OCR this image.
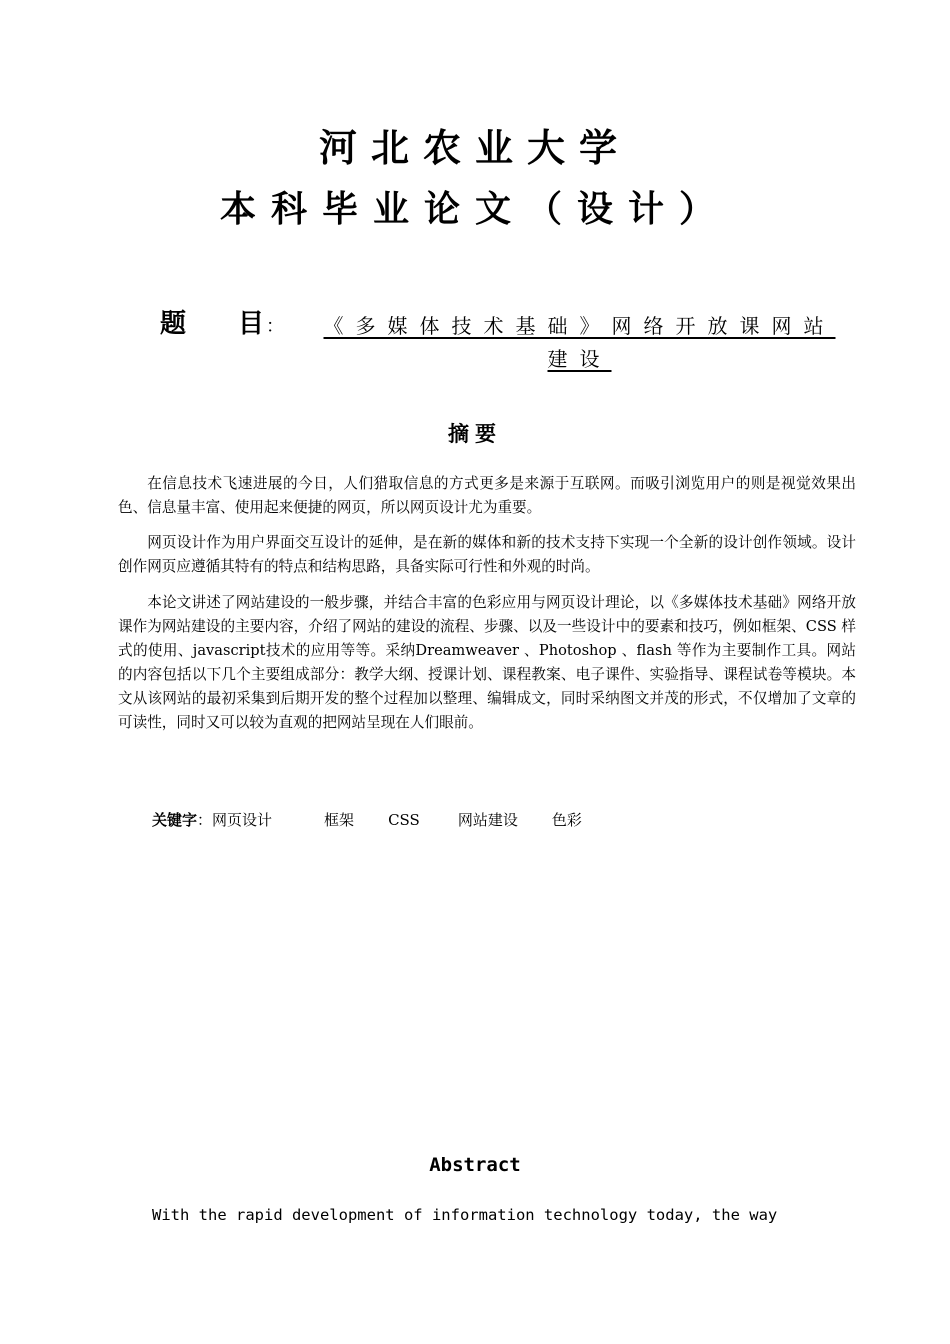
河北农业大学
本科毕业论文（设计）
题 目 ：	《多媒体技术基础》网络开放课网站
建设
摘要

在信息技术飞速进展的今日，人们猎取信息的方式更多是来源于互联网。而吸引浏览用户的则是视觉效果出色、信息量丰富、使用起来便捷的网页，所以网页设计尤为重要。

网页设计作为用户界面交互设计的延伸，是在新的媒体和新的技术支持下实现一个全新的设计创作领域。设计创作网页应遵循其特有的特点和结构思路，具备实际可行性和外观的时尚。

本论文讲述了网站建设的一般步骤，并结合丰富的色彩应用与网页设计理论，以《多媒体技术基础》网络开放课作为网站建设的主要内容，介绍了网站的建设的流程、步骤、以及一些设计中的要素和技巧，例如框架、CSS 样式的使用、javascript技术的应用等等。采纳Dreamweaver 、Photoshop 、flash 等作为主要制作工具。网站的内容包括以下几个主要组成部分：教学大纲、授课计划、课程教案、电子课件、实验指导、课程试卷等模块。本文从该网站的最初采集到后期开发的整个过程加以整理、编辑成文，同时采纳图文并茂的形式，不仅增加了文章的可读性，同时又可以较为直观的把网站呈现在人们眼前。

关键字：网页设计	框架 CSS	网站建设 色彩
Abstract
With the rapid development of information technology today, the way
